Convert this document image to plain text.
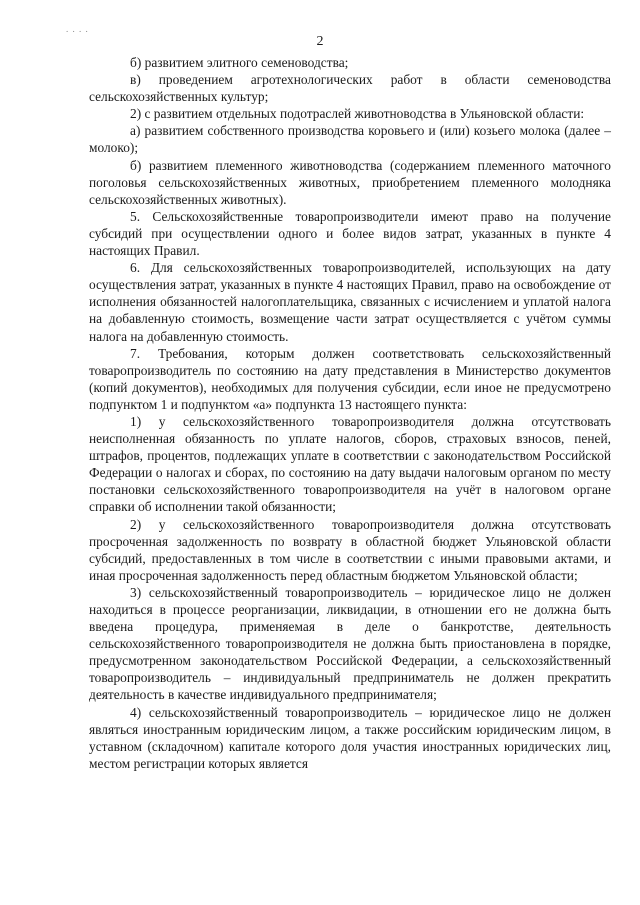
. . . .
2

б) развитием элитного семеноводства;

в) проведением агротехнологических работ в области семеноводства сельскохозяйственных культур;

2) с развитием отдельных подотраслей животноводства в Ульяновской области:

а) развитием собственного производства коровьего и (или) козьего молока (далее – молоко);

б) развитием племенного животноводства (содержанием племенного маточного поголовья сельскохозяйственных животных, приобретением племенного молодняка сельскохозяйственных животных).

5. Сельскохозяйственные товаропроизводители имеют право на получение субсидий при осуществлении одного и более видов затрат, указанных в пункте 4 настоящих Правил.

6. Для сельскохозяйственных товаропроизводителей, использующих на дату осуществления затрат, указанных в пункте 4 настоящих Правил, право на освобождение от исполнения обязанностей налогоплательщика, связанных с исчислением и уплатой налога на добавленную стоимость, возмещение части затрат осуществляется с учётом суммы налога на добавленную стоимость.

7. Требования, которым должен соответствовать сельскохозяйственный товаропроизводитель по состоянию на дату представления в Министерство документов (копий документов), необходимых для получения субсидии, если иное не предусмотрено подпунктом 1 и подпунктом «а» подпункта 13 настоящего пункта:

1) у сельскохозяйственного товаропроизводителя должна отсутствовать неисполненная обязанность по уплате налогов, сборов, страховых взносов, пеней, штрафов, процентов, подлежащих уплате в соответствии с законодательством Российской Федерации о налогах и сборах, по состоянию на дату выдачи налоговым органом по месту постановки сельскохозяйственного товаропроизводителя на учёт в налоговом органе справки об исполнении такой обязанности;

2) у сельскохозяйственного товаропроизводителя должна отсутствовать просроченная задолженность по возврату в областной бюджет Ульяновской области субсидий, предоставленных в том числе в соответствии с иными правовыми актами, и иная просроченная задолженность перед областным бюджетом Ульяновской области;

3) сельскохозяйственный товаропроизводитель – юридическое лицо не должен находиться в процессе реорганизации, ликвидации, в отношении его не должна быть введена процедура, применяемая в деле о банкротстве, деятельность сельскохозяйственного товаропроизводителя не должна быть приостановлена в порядке, предусмотренном законодательством Российской Федерации, а сельскохозяйственный товаропроизводитель – индивидуальный предприниматель не должен прекратить деятельность в качестве индивидуального предпринимателя;

4) сельскохозяйственный товаропроизводитель – юридическое лицо не должен являться иностранным юридическим лицом, а также российским юридическим лицом, в уставном (складочном) капитале которого доля участия иностранных юридических лиц, местом регистрации которых является
